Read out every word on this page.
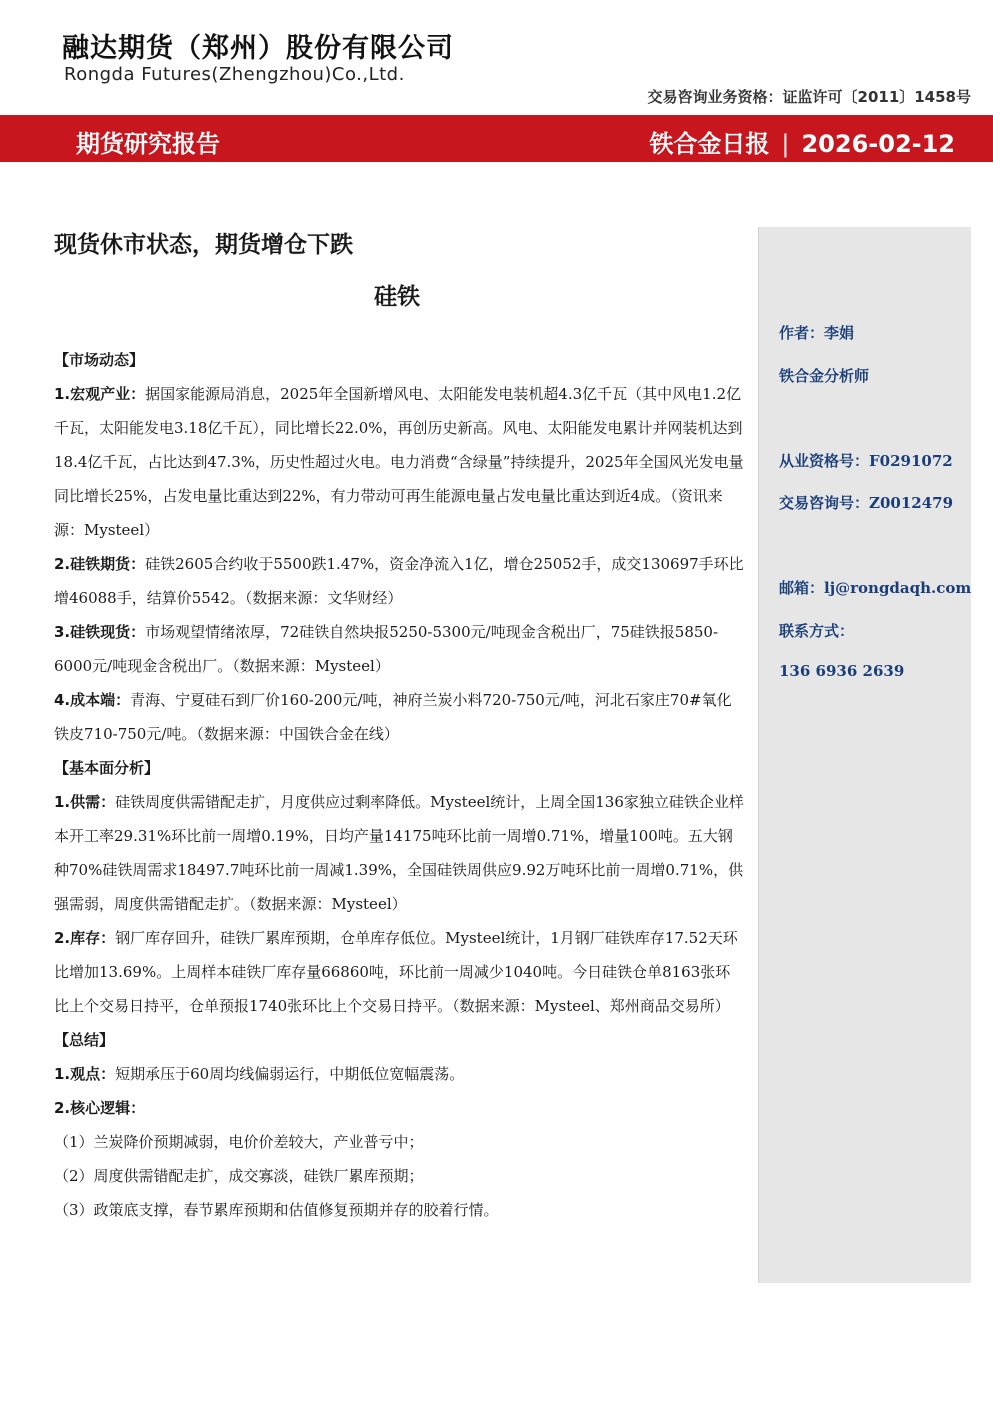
融达期货（郑州）股份有限公司
Rongda Futures(Zhengzhou)Co.,Ltd.
交易咨询业务资格：证监许可〔2011〕1458号
期货研究报告	铁合金日报 | 2026-02-12
现货休市状态，期货增仓下跌
硅铁

【市场动态】

1.宏观产业：据国家能源局消息，2025年全国新增风电、太阳能发电装机超4.3亿千瓦（其中风电1.2亿千瓦，太阳能发电3.18亿千瓦），同比增长22.0%，再创历史新高。风电、太阳能发电累计并网装机达到18.4亿千瓦，占比达到47.3%，历史性超过火电。电力消费“含绿量”持续提升，2025年全国风光发电量同比增长25%，占发电量比重达到22%，有力带动可再生能源电量占发电量比重达到近4成。（资讯来源：Mysteel）

2.硅铁期货：硅铁2605合约收于5500跌1.47%，资金净流入1亿，增仓25052手，成交130697手环比增46088手，结算价5542。（数据来源：文华财经）

3.硅铁现货：市场观望情绪浓厚，72硅铁自然块报5250-5300元/吨现金含税出厂，75硅铁报5850-6000元/吨现金含税出厂。（数据来源：Mysteel）

4.成本端：青海、宁夏硅石到厂价160-200元/吨，神府兰炭小料720-750元/吨，河北石家庄70#氧化铁皮710-750元/吨。（数据来源：中国铁合金在线）

【基本面分析】

1.供需：硅铁周度供需错配走扩，月度供应过剩率降低。Mysteel统计，上周全国136家独立硅铁企业样本开工率29.31%环比前一周增0.19%，日均产量14175吨环比前一周增0.71%，增量100吨。五大钢种70%硅铁周需求18497.7吨环比前一周减1.39%，全国硅铁周供应9.92万吨环比前一周增0.71%，供强需弱，周度供需错配走扩。（数据来源：Mysteel）

2.库存：钢厂库存回升，硅铁厂累库预期，仓单库存低位。Mysteel统计，1月钢厂硅铁库存17.52天环比增加13.69%。上周样本硅铁厂库存量66860吨，环比前一周减少1040吨。今日硅铁仓单8163张环比上个交易日持平，仓单预报1740张环比上个交易日持平。（数据来源：Mysteel、郑州商品交易所）

【总结】

1.观点：短期承压于60周均线偏弱运行，中期低位宽幅震荡。

2.核心逻辑：

（1）兰炭降价预期减弱，电价价差较大，产业普亏中；

（2）周度供需错配走扩，成交寡淡，硅铁厂累库预期；

（3）政策底支撑，春节累库预期和估值修复预期并存的胶着行情。

作者：李娟
铁合金分析师
从业资格号：F0291072
交易咨询号：Z0012479
邮箱：lj@rongdaqh.com
联系方式：
136 6936 2639
